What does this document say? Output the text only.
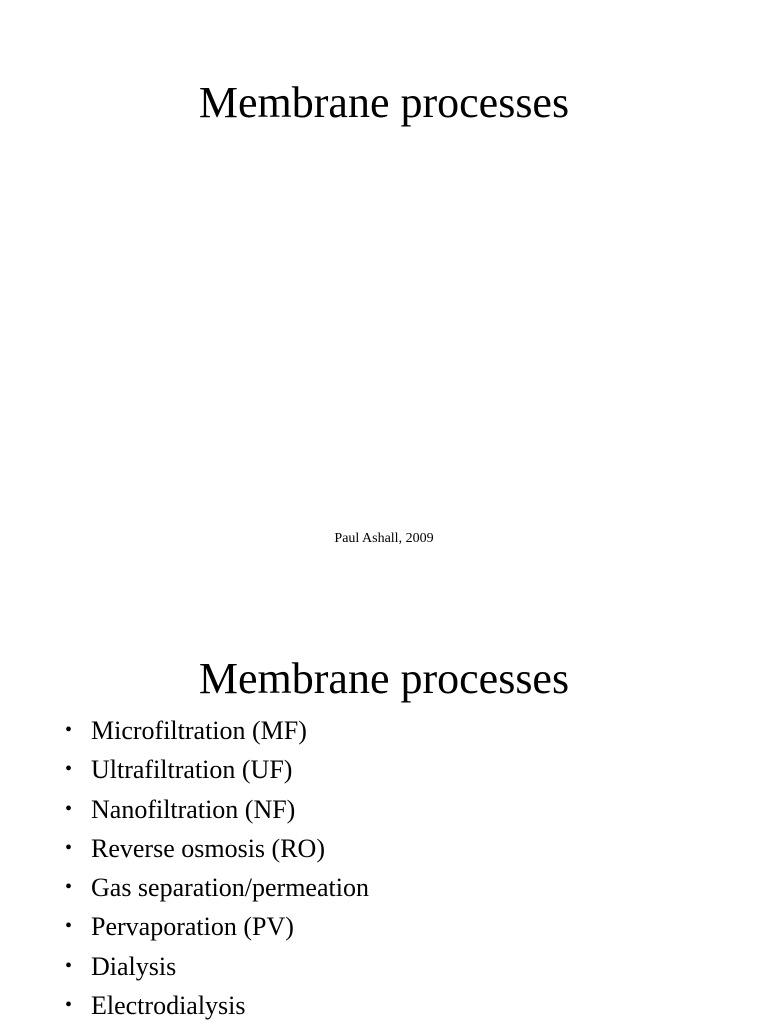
Membrane processes
Paul Ashall, 2009
Membrane processes
• Microfiltration (MF)
• Ultrafiltration (UF)
• Nanofiltration (NF)
• Reverse osmosis (RO)
• Gas separation/permeation
• Pervaporation (PV)
• Dialysis
• Electrodialysis
